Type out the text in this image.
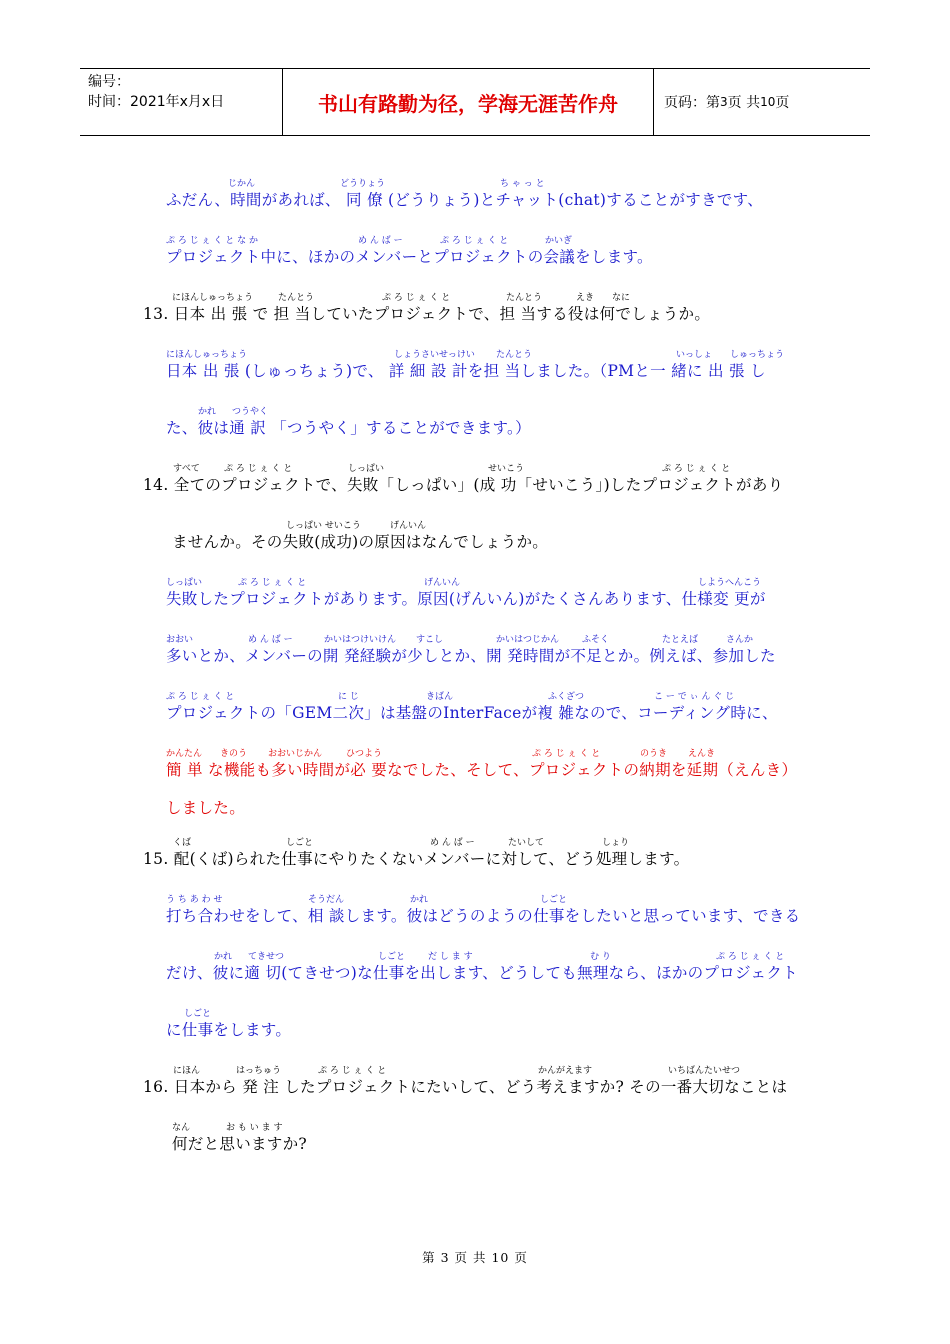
编号：
时间：2021年x月x日	书山有路勤为径，学海无涯苦作舟	页码：第 3 页 共 10 页
じかん	どうりょう	ち ゃ っ と
ふだん、時間があれば、 同 僚 (どうりょう)とチャット(chat)することがすきです、
ぷ ろ じ ぇ く と な か	め ん ば ー	ぷ ろ じ ぇ く と	かいぎ
プロジェクト中に、ほかのメンバーとプロジェクトの会議をします。
にほんしゅっちょう	たんとう	ぷ ろ じ ぇ く と	たんとう	えき なに
13. 日本 出 張 で 担 当していたプロジェクトで、担 当する役は何でしょうか。
にほんしゅっちょう	しょうさいせっけい たんとう	いっしょ しゅっちょう
日本 出 張 (しゅっちょう)で、 詳 細 設 計を担 当しました。（PMと一 緒に 出 張 し
かれ つうやく
た、彼は通 訳 「つうやく」することができます。）
すべて	ぷ ろ じ ぇ く と	しっぱい	せいこう	ぷ ろ じ ぇ く と
14. 全てのプロジェクトで、失敗「しっぱい」(成 功「せいこう」)したプロジェクトがあり
しっぱい せいこう	げんいん
ませんか。その失敗(成功)の原因はなんでしょうか。
しっぱい	ぷ ろ じ ぇ く と	げんいん	しようへんこう
失敗したプロジェクトがあります。原因(げんいん)がたくさんあります、仕様変 更が
おおい	め ん ば ー	かいはつけいけん すこし	かいはつじかん	ふそく	たとえば	さんか
多いとか、メンバーの開 発経験が少しとか、開 発時間が不足とか。例えば、参加した
ぷ ろ じ ぇ く と	に じ	きばん	ふくざつ	こ ー で ぃ ん ぐ じ
プロジェクトの「GEM二次」は基盤のInterFaceが複 雑なので、コーディング時に、
かんたん きのう おおいじかん	ひつよう	ぷ ろ じ ぇ く と	のうき えんき
簡 単 な機能も多い時間が必 要なでした、そして、プロジェクトの納期を延期（えんき）
しました。
くば	しごと	め ん ば ー	たいして	しょり
15. 配(くば)られた仕事にやりたくないメンバーに対して、どう処理します。
う ち あ わ せ	そうだん	かれ	しごと
打ち合わせをして、相 談します。彼はどうのようの仕事をしたいと思っています、できる
かれ てきせつ	しごと	だ し ま す	む り	ぷ ろ じ ぇ く と
だけ、彼に適 切(てきせつ)な仕事を出します、どうしても無理なら、ほかのプロジェクト
しごと
に仕事をします。
にほん	はっちゅう	ぷ ろ じ ぇ く と	かんがえます	いちばんたいせつ
16. 日本から 発 注 したプロジェクトにたいして、どう考えますか? その一番大切なことは
なん	お も い ま す
何だと思いますか?
第 3 页 共 10 页
